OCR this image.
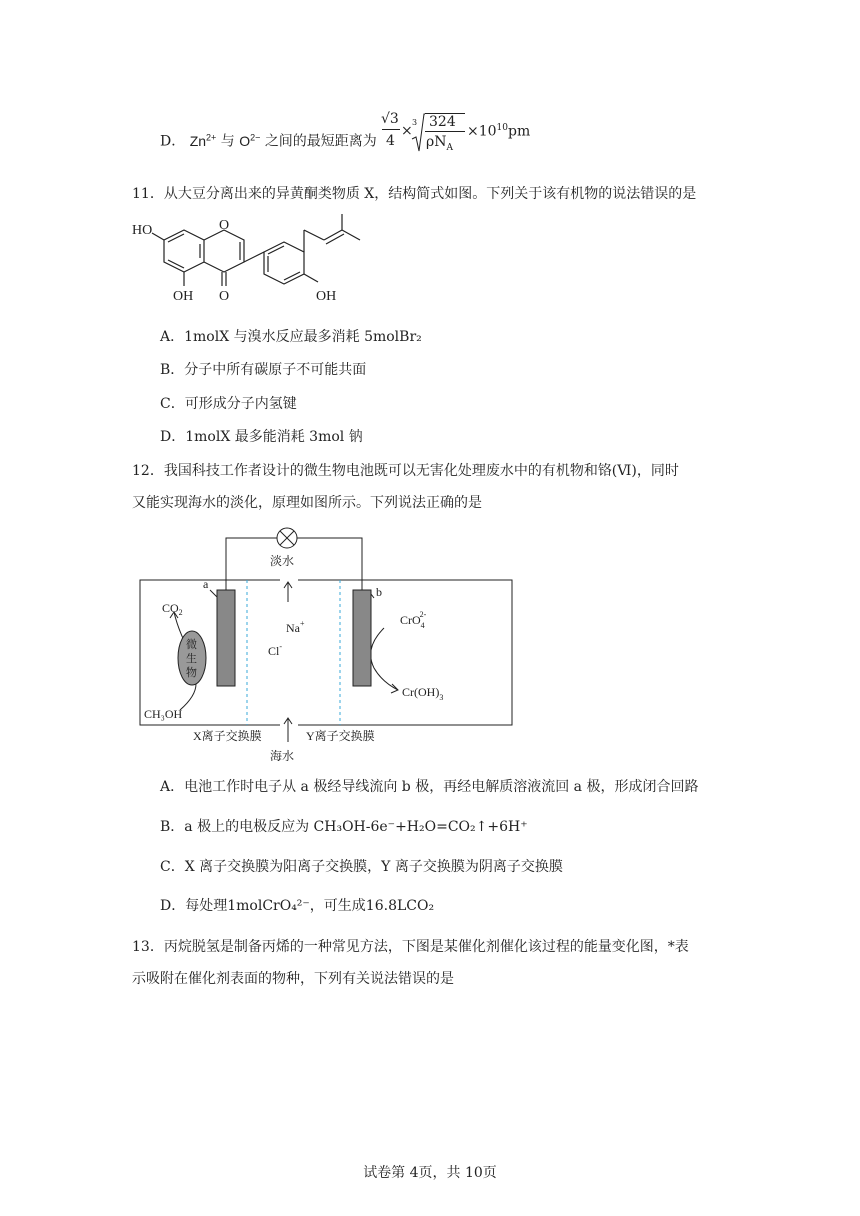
D． $Zn^{2+}$ 与 $O^{2-}$ 之间的最短距离为
√3
4
×
3 324
$\rho N_A$
$\times 10^{10}pm$
11．从大豆分离出来的异黄酮类物质 X，结构简式如图。下列关于该有机物的说法错误的是
HO	O
OH O	OH
A．1molX 与溴水反应最多消耗 5molBr₂
B．分子中所有碳原子不可能共面
C．可形成分子内氢键
D．1molX 最多能消耗 3mol 钠
12．我国科技工作者设计的微生物电池既可以无害化处理废水中的有机物和铬(Ⅵ)，同时
又能实现海水的淡化，原理如图所示。下列说法正确的是
淡水
海水
a
b
$CO_2$
微
生
物
CH₃OH
Na+
Cl-
CrO$_4$2-
$Cr(OH)_3$
X离子交换膜	Y离子交换膜
A．电池工作时电子从 a 极经导线流向 b 极，再经电解质溶液流回 a 极，形成闭合回路
B．a 极上的电极反应为 CH₃OH-6e⁻+H₂O=CO₂↑+6H⁺
C．X 离子交换膜为阳离子交换膜，Y 离子交换膜为阴离子交换膜
D．每处理1molCrO₄²⁻，可生成16.8LCO₂
13．丙烷脱氢是制备丙烯的一种常见方法，下图是某催化剂催化该过程的能量变化图，*表
示吸附在催化剂表面的物种，下列有关说法错误的是
试卷第 4页，共 10页
